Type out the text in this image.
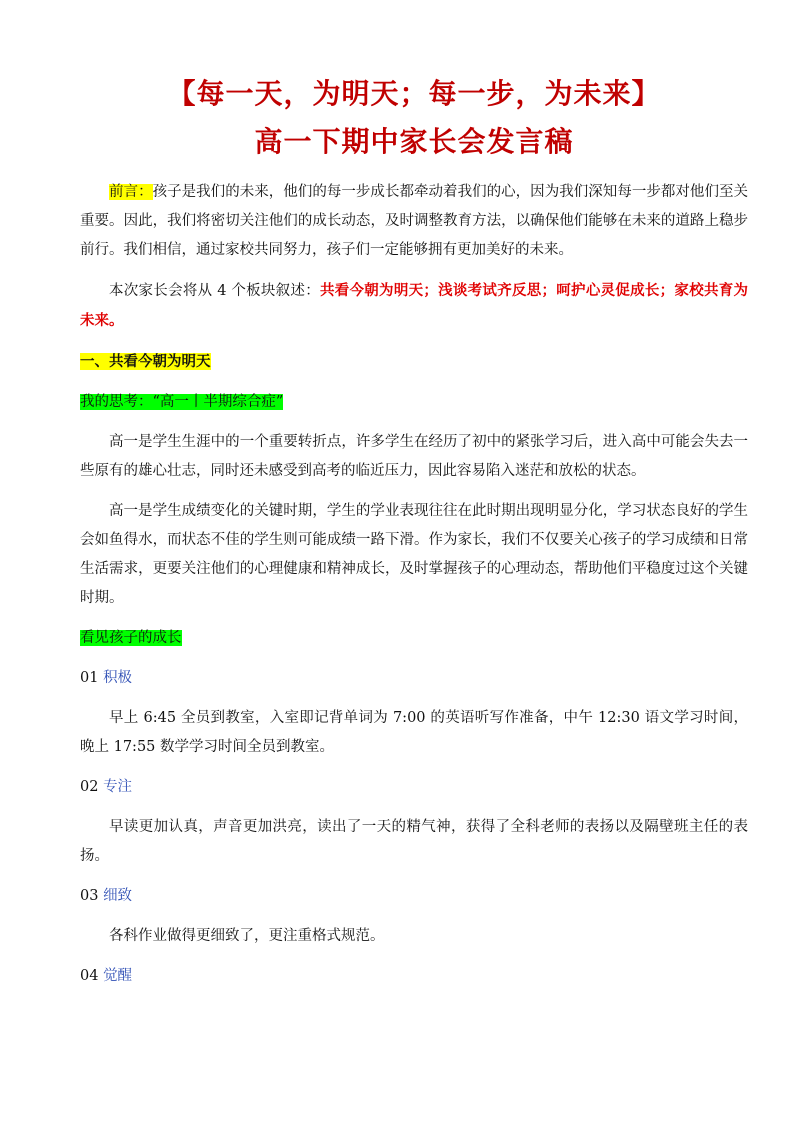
【每一天，为明天；每一步，为未来】
高一下期中家长会发言稿

前言：孩子是我们的未来，他们的每一步成长都牵动着我们的心，因为我们深知每一步都对他们至关重要。因此，我们将密切关注他们的成长动态，及时调整教育方法，以确保他们能够在未来的道路上稳步前行。我们相信，通过家校共同努力，孩子们一定能够拥有更加美好的未来。

本次家长会将从 4 个板块叙述：共看今朝为明天；浅谈考试齐反思；呵护心灵促成长；家校共育为未来。

一、共看今朝为明天

我的思考：“高一丨半期综合症”

高一是学生生涯中的一个重要转折点，许多学生在经历了初中的紧张学习后，进入高中可能会失去一些原有的雄心壮志，同时还未感受到高考的临近压力，因此容易陷入迷茫和放松的状态。

高一是学生成绩变化的关键时期，学生的学业表现往往在此时期出现明显分化，学习状态良好的学生会如鱼得水，而状态不佳的学生则可能成绩一路下滑。作为家长，我们不仅要关心孩子的学习成绩和日常生活需求，更要关注他们的心理健康和精神成长，及时掌握孩子的心理动态，帮助他们平稳度过这个关键时期。

看见孩子的成长

01 积极

早上 6:45 全员到教室，入室即记背单词为 7:00 的英语听写作准备，中午 12:30 语文学习时间，晚上 17:55 数学学习时间全员到教室。

02 专注

早读更加认真，声音更加洪亮，读出了一天的精气神，获得了全科老师的表扬以及隔壁班主任的表扬。

03 细致

各科作业做得更细致了，更注重格式规范。

04 觉醒
